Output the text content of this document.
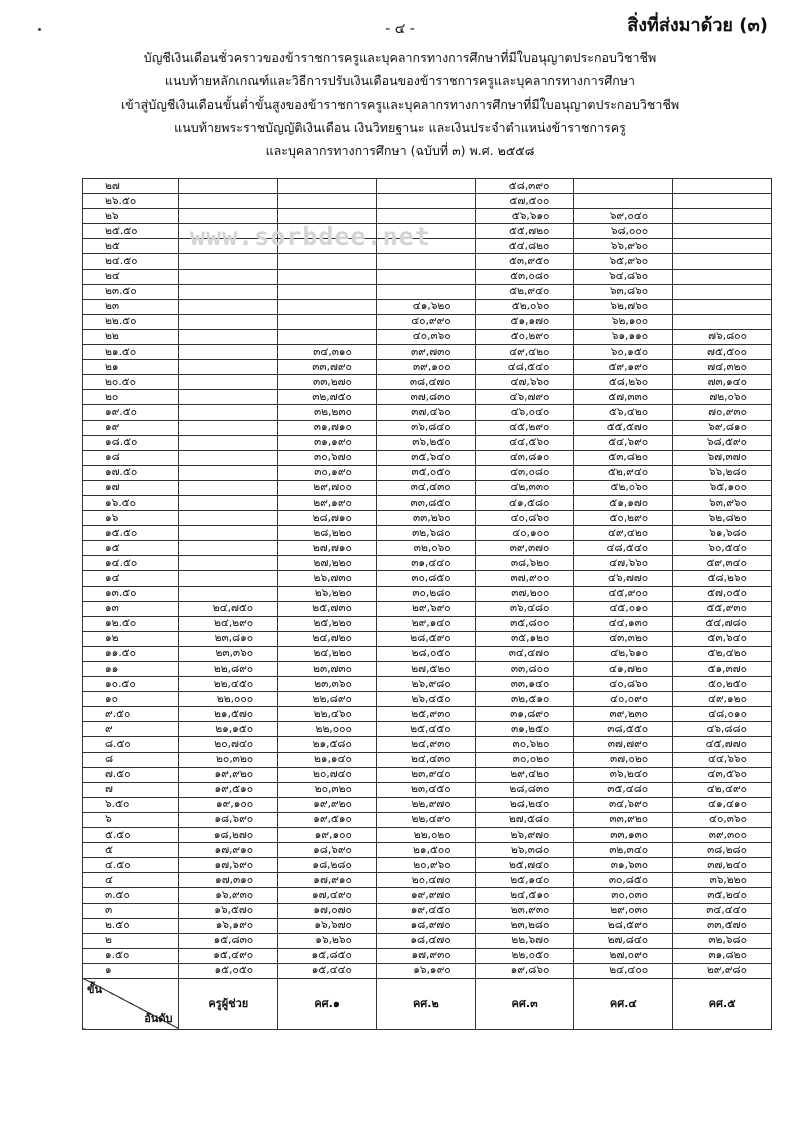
- ๔ -	สิ่งที่ส่งมาด้วย (๓)
บัญชีเงินเดือนชั่วคราวของข้าราชการครูและบุคลากรทางการศึกษาที่มีใบอนุญาตประกอบวิชาชีพ
แนบท้ายหลักเกณฑ์และวิธีการปรับเงินเดือนของข้าราชการครูและบุคลากรทางการศึกษา
เข้าสู่บัญชีเงินเดือนขั้นต่ำขั้นสูงของข้าราชการครูและบุคลากรทางการศึกษาที่มีใบอนุญาตประกอบวิชาชีพ
แนบท้ายพระราชบัญญัติเงินเดือน เงินวิทยฐานะ และเงินประจำตำแหน่งข้าราชการครู
และบุคลากรทางการศึกษา (ฉบับที่ ๓) พ.ศ. ๒๕๕๘
๒๗				๕๘,๓๙๐		
๒๖.๕๐				๕๗,๕๐๐		
๒๖				๕๖,๖๑๐	๖๙,๐๔๐	
๒๕.๕๐				๕๕,๗๒๐	๖๘,๐๐๐	
๒๕				๕๔,๘๒๐	๖๖,๙๖๐	
๒๔.๕๐				๕๓,๙๕๐	๖๕,๙๖๐	
๒๔				๕๓,๐๘๐	๖๔,๘๖๐	
๒๓.๕๐				๕๒,๙๔๐	๖๓,๘๖๐	
๒๓			๔๑,๖๒๐	๕๒,๐๖๐	๖๒,๗๖๐	
๒๒.๕๐			๔๐,๙๙๐	๕๑,๑๗๐	๖๒,๑๐๐	
๒๒			๔๐,๓๖๐	๕๐,๒๙๐	๖๑,๑๑๐	๗๖,๘๐๐
๒๑.๕๐		๓๔,๓๑๐	๓๙,๗๓๐	๔๙,๔๒๐	๖๐,๑๕๐	๗๕,๕๐๐
๒๑		๓๓,๗๙๐	๓๙,๑๐๐	๔๘,๕๔๐	๕๙,๑๙๐	๗๔,๓๒๐
๒๐.๕๐		๓๓,๒๗๐	๓๘,๔๗๐	๔๗,๖๖๐	๕๘,๒๖๐	๗๓,๑๔๐
๒๐		๓๒,๗๕๐	๓๗,๘๓๐	๔๖,๗๙๐	๕๗,๓๓๐	๗๒,๐๖๐
๑๙.๕๐		๓๒,๒๓๐	๓๗,๔๖๐	๔๖,๐๔๐	๕๖,๔๒๐	๗๐,๙๓๐
๑๙		๓๑,๗๑๐	๓๖,๘๔๐	๔๕,๒๙๐	๕๕,๕๗๐	๖๙,๘๑๐
๑๘.๕๐		๓๑,๑๙๐	๓๖,๒๕๐	๔๔,๕๖๐	๕๔,๖๙๐	๖๘,๕๙๐
๑๘		๓๐,๖๗๐	๓๕,๖๔๐	๔๓,๘๑๐	๕๓,๘๒๐	๖๗,๓๗๐
๑๗.๕๐		๓๐,๑๙๐	๓๕,๐๕๐	๔๓,๐๘๐	๕๒,๙๔๐	๖๖,๒๘๐
๑๗		๒๙,๗๐๐	๓๔,๔๓๐	๔๒,๓๓๐	๕๒,๐๖๐	๖๕,๑๐๐
๑๖.๕๐		๒๙,๑๙๐	๓๓,๘๕๐	๔๑,๕๘๐	๕๑,๑๗๐	๖๓,๙๖๐
๑๖		๒๘,๗๑๐	๓๓,๒๖๐	๔๐,๘๖๐	๕๐,๒๙๐	๖๒,๘๒๐
๑๕.๕๐		๒๘,๒๒๐	๓๒,๖๘๐	๔๐,๑๐๐	๔๙,๔๒๐	๖๑,๖๘๐
๑๕		๒๗,๗๑๐	๓๒,๐๖๐	๓๙,๓๗๐	๔๘,๕๔๐	๖๐,๕๔๐
๑๔.๕๐		๒๗,๒๒๐	๓๑,๔๔๐	๓๘,๖๒๐	๔๗,๖๖๐	๕๙,๓๔๐
๑๔		๒๖,๗๓๐	๓๐,๘๕๐	๓๗,๙๐๐	๔๖,๗๗๐	๕๘,๒๖๐
๑๓.๕๐		๒๖,๒๒๐	๓๐,๒๘๐	๓๗,๒๐๐	๔๕,๙๐๐	๕๗,๐๕๐
๑๓	๒๔,๗๕๐	๒๕,๗๓๐	๒๙,๖๙๐	๓๖,๔๘๐	๔๕,๐๑๐	๕๕,๙๓๐
๑๒.๕๐	๒๔,๒๙๐	๒๕,๒๒๐	๒๙,๑๔๐	๓๕,๘๐๐	๔๔,๑๓๐	๕๔,๗๘๐
๑๒	๒๓,๘๑๐	๒๔,๗๒๐	๒๘,๕๙๐	๓๕,๑๒๐	๔๓,๓๒๐	๕๓,๖๔๐
๑๑.๕๐	๒๓,๓๖๐	๒๔,๒๒๐	๒๘,๐๕๐	๓๔,๔๗๐	๔๒,๖๑๐	๕๒,๔๒๐
๑๑	๒๒,๘๙๐	๒๓,๗๓๐	๒๗,๕๒๐	๓๓,๘๐๐	๔๑,๗๒๐	๕๑,๓๗๐
๑๐.๕๐	๒๒,๔๕๐	๒๓,๓๖๐	๒๖,๙๘๐	๓๓,๑๔๐	๔๐,๘๖๐	๕๐,๒๕๐
๑๐	๒๒,๐๐๐	๒๒,๘๙๐	๒๖,๔๕๐	๓๒,๕๑๐	๔๐,๐๙๐	๔๙,๑๒๐
๙.๕๐	๒๑,๕๗๐	๒๒,๔๖๐	๒๕,๙๓๐	๓๑,๘๙๐	๓๙,๒๓๐	๔๘,๐๑๐
๙	๒๑,๑๕๐	๒๒,๐๐๐	๒๕,๔๕๐	๓๑,๒๕๐	๓๘,๕๕๐	๔๖,๘๘๐
๘.๕๐	๒๐,๗๔๐	๒๑,๕๘๐	๒๔,๙๓๐	๓๐,๖๒๐	๓๗,๗๙๐	๔๕,๗๗๐
๘	๒๐,๓๒๐	๒๑,๑๔๐	๒๔,๔๓๐	๓๐,๐๒๐	๓๗,๐๒๐	๔๔,๖๖๐
๗.๕๐	๑๙,๙๒๐	๒๐,๗๔๐	๒๓,๙๔๐	๒๙,๔๒๐	๓๖,๒๔๐	๔๓,๕๖๐
๗	๑๙,๕๑๐	๒๐,๓๒๐	๒๓,๔๕๐	๒๘,๘๓๐	๓๕,๔๘๐	๔๒,๔๙๐
๖.๕๐	๑๙,๑๐๐	๑๙,๙๒๐	๒๒,๙๗๐	๒๘,๒๔๐	๓๔,๖๙๐	๔๑,๔๑๐
๖	๑๘,๖๙๐	๑๙,๕๑๐	๒๒,๔๙๐	๒๗,๕๘๐	๓๓,๙๒๐	๔๐,๓๖๐
๕.๕๐	๑๘,๒๗๐	๑๙,๑๐๐	๒๒,๐๒๐	๒๖,๙๗๐	๓๓,๑๓๐	๓๙,๓๐๐
๕	๑๗,๙๑๐	๑๘,๖๙๐	๒๑,๕๐๐	๒๖,๓๘๐	๓๒,๓๔๐	๓๘,๒๘๐
๔.๕๐	๑๗,๖๙๐	๑๘,๒๘๐	๒๐,๙๖๐	๒๕,๗๔๐	๓๑,๖๓๐	๓๗,๒๔๐
๔	๑๗,๓๑๐	๑๗,๙๑๐	๒๐,๔๗๐	๒๕,๑๔๐	๓๐,๘๕๐	๓๖,๒๒๐
๓.๕๐	๑๖,๙๓๐	๑๗,๔๙๐	๑๙,๙๗๐	๒๔,๕๑๐	๓๐,๐๓๐	๓๕,๒๔๐
๓	๑๖,๕๗๐	๑๗,๐๗๐	๑๙,๔๕๐	๒๓,๙๓๐	๒๙,๐๓๐	๓๔,๔๔๐
๒.๕๐	๑๖,๑๙๐	๑๖,๖๗๐	๑๘,๙๗๐	๒๓,๒๘๐	๒๘,๕๙๐	๓๓,๕๗๐
๒	๑๕,๘๓๐	๑๖,๒๖๐	๑๘,๔๗๐	๒๒,๖๗๐	๒๗,๘๔๐	๓๒,๖๘๐
๑.๕๐	๑๕,๔๙๐	๑๕,๘๕๐	๑๗,๙๓๐	๒๒,๐๕๐	๒๗,๐๙๐	๓๑,๘๒๐
๑	๑๕,๐๕๐	๑๕,๔๔๐	๑๖,๑๙๐	๑๙,๘๖๐	๒๔,๔๐๐	๒๙,๙๘๐

ขั้น
อันดับ	ครูผู้ช่วย	คศ.๑	คศ.๒	คศ.๓	คศ.๔	คศ.๕
www.sorbdee.net
